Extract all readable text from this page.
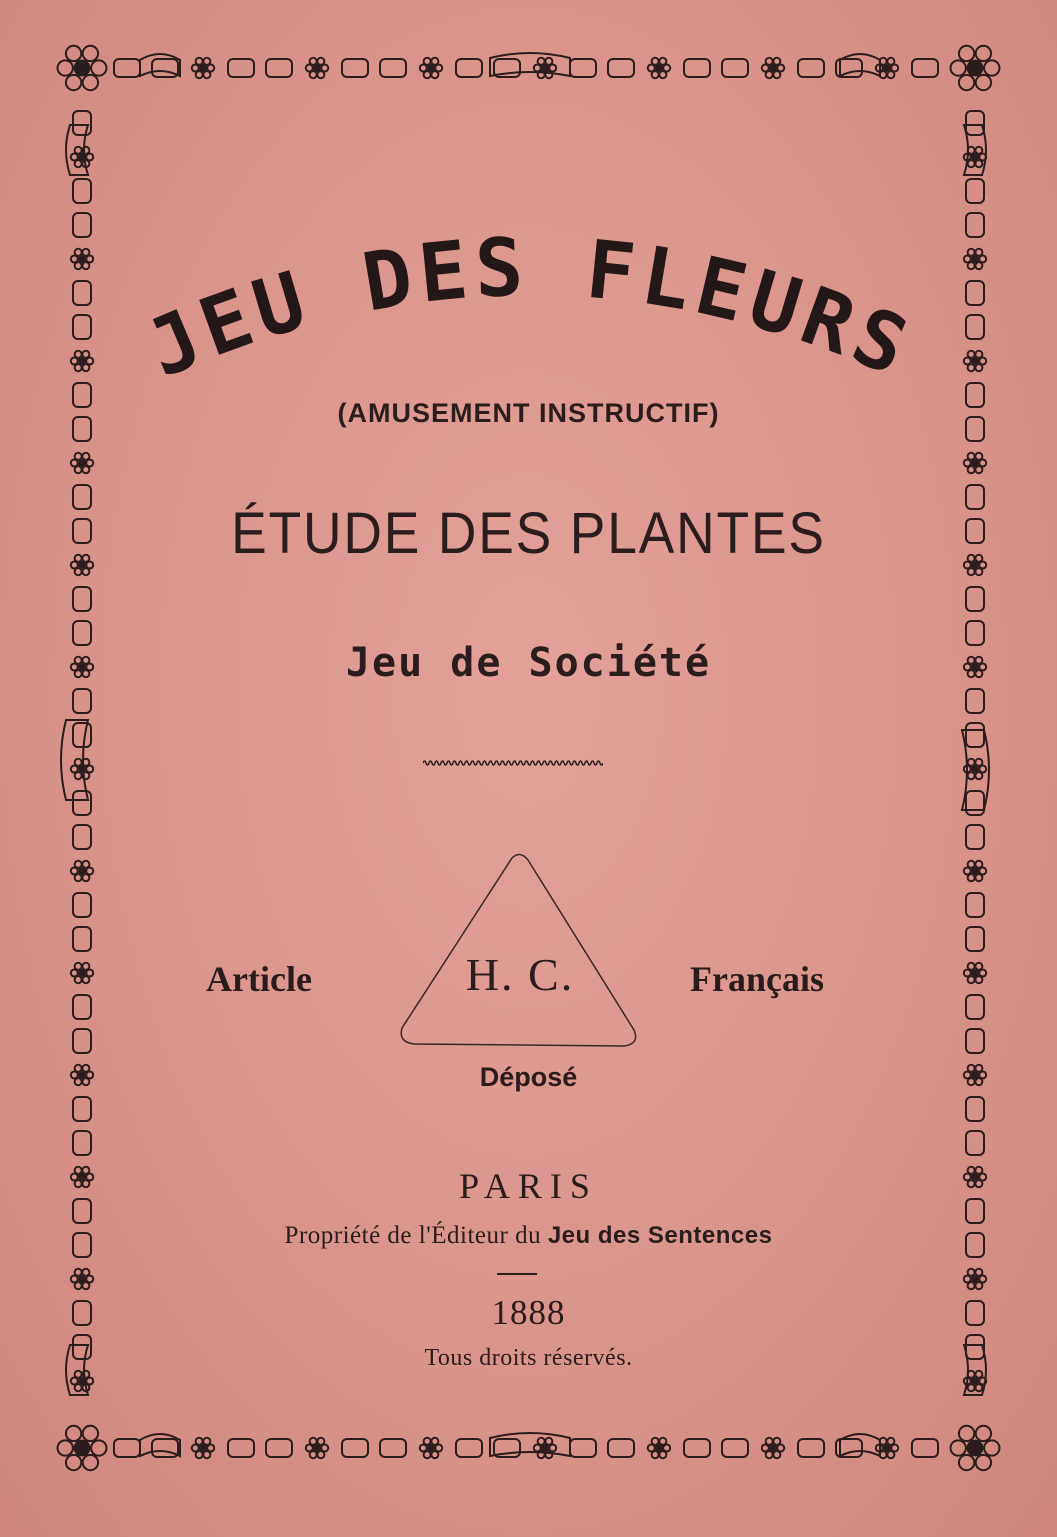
JEU DES FLEURS
(AMUSEMENT INSTRUCTIF)
ÉTUDE DES PLANTES
Jeu de Société
H. C.
Article	Français
Déposé
PARIS
Propriété de l'Éditeur du Jeu des Sentences
1888
Tous droits réservés.
